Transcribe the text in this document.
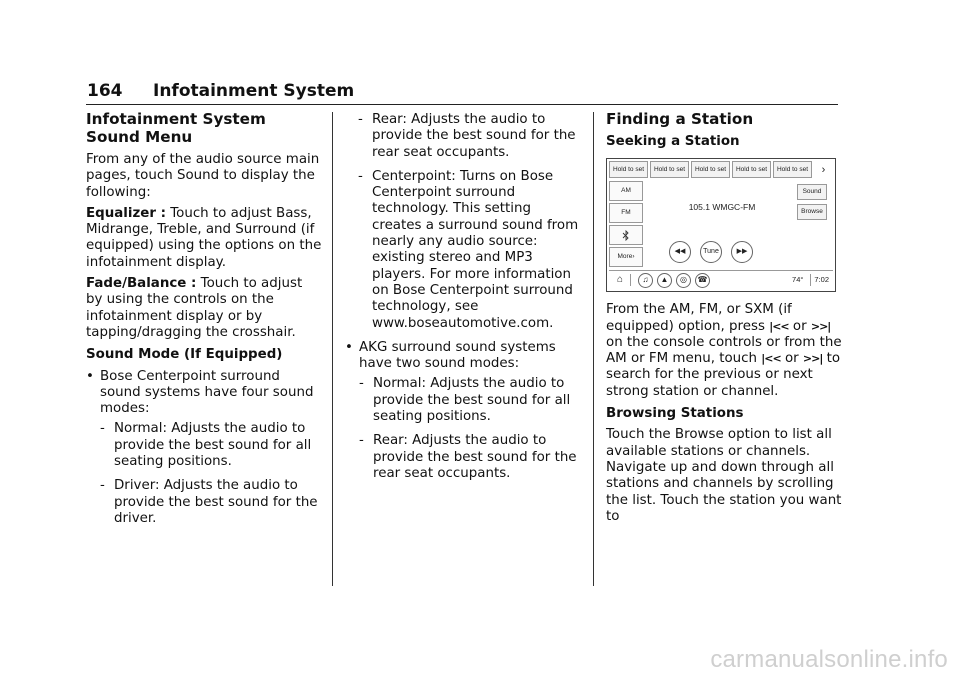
164 Infotainment System
Infotainment System Sound Menu

From any of the audio source main pages, touch Sound to display the following:

Equalizer : Touch to adjust Bass, Midrange, Treble, and Surround (if equipped) using the options on the infotainment display.

Fade/Balance : Touch to adjust by using the controls on the infotainment display or by tapping/dragging the crosshair.

Sound Mode (If Equipped)
• Bose Centerpoint surround sound systems have four sound modes:
- Normal: Adjusts the audio to provide the best sound for all seating positions.
- Driver: Adjusts the audio to provide the best sound for the driver.
- Rear: Adjusts the audio to provide the best sound for the rear seat occupants.
- Centerpoint: Turns on Bose Centerpoint surround technology. This setting creates a surround sound from nearly any audio source: existing stereo and MP3 players. For more information on Bose Centerpoint surround technology, see www.boseautomotive.com.
• AKG surround sound systems have two sound modes:
- Normal: Adjusts the audio to provide the best sound for all seating positions.
- Rear: Adjusts the audio to provide the best sound for the rear seat occupants.
Finding a Station
Seeking a Station
Hold to set	Hold to set	Hold to set	Hold to set	Hold to set	›
AM
FM
More ›
105.1 WMGC-FM
Sound
Browse
◀◀	Tune	▶▶
⌂	♫	▲	◎	☎	74° 7:02

From the AM, FM, or SXM (if equipped) option, press |<< or >>| on the console controls or from the AM or FM menu, touch |<< or >>| to search for the previous or next strong station or channel.

Browsing Stations

Touch the Browse option to list all available stations or channels. Navigate up and down through all stations and channels by scrolling the list. Touch the station you want to

carmanualsonline.info
